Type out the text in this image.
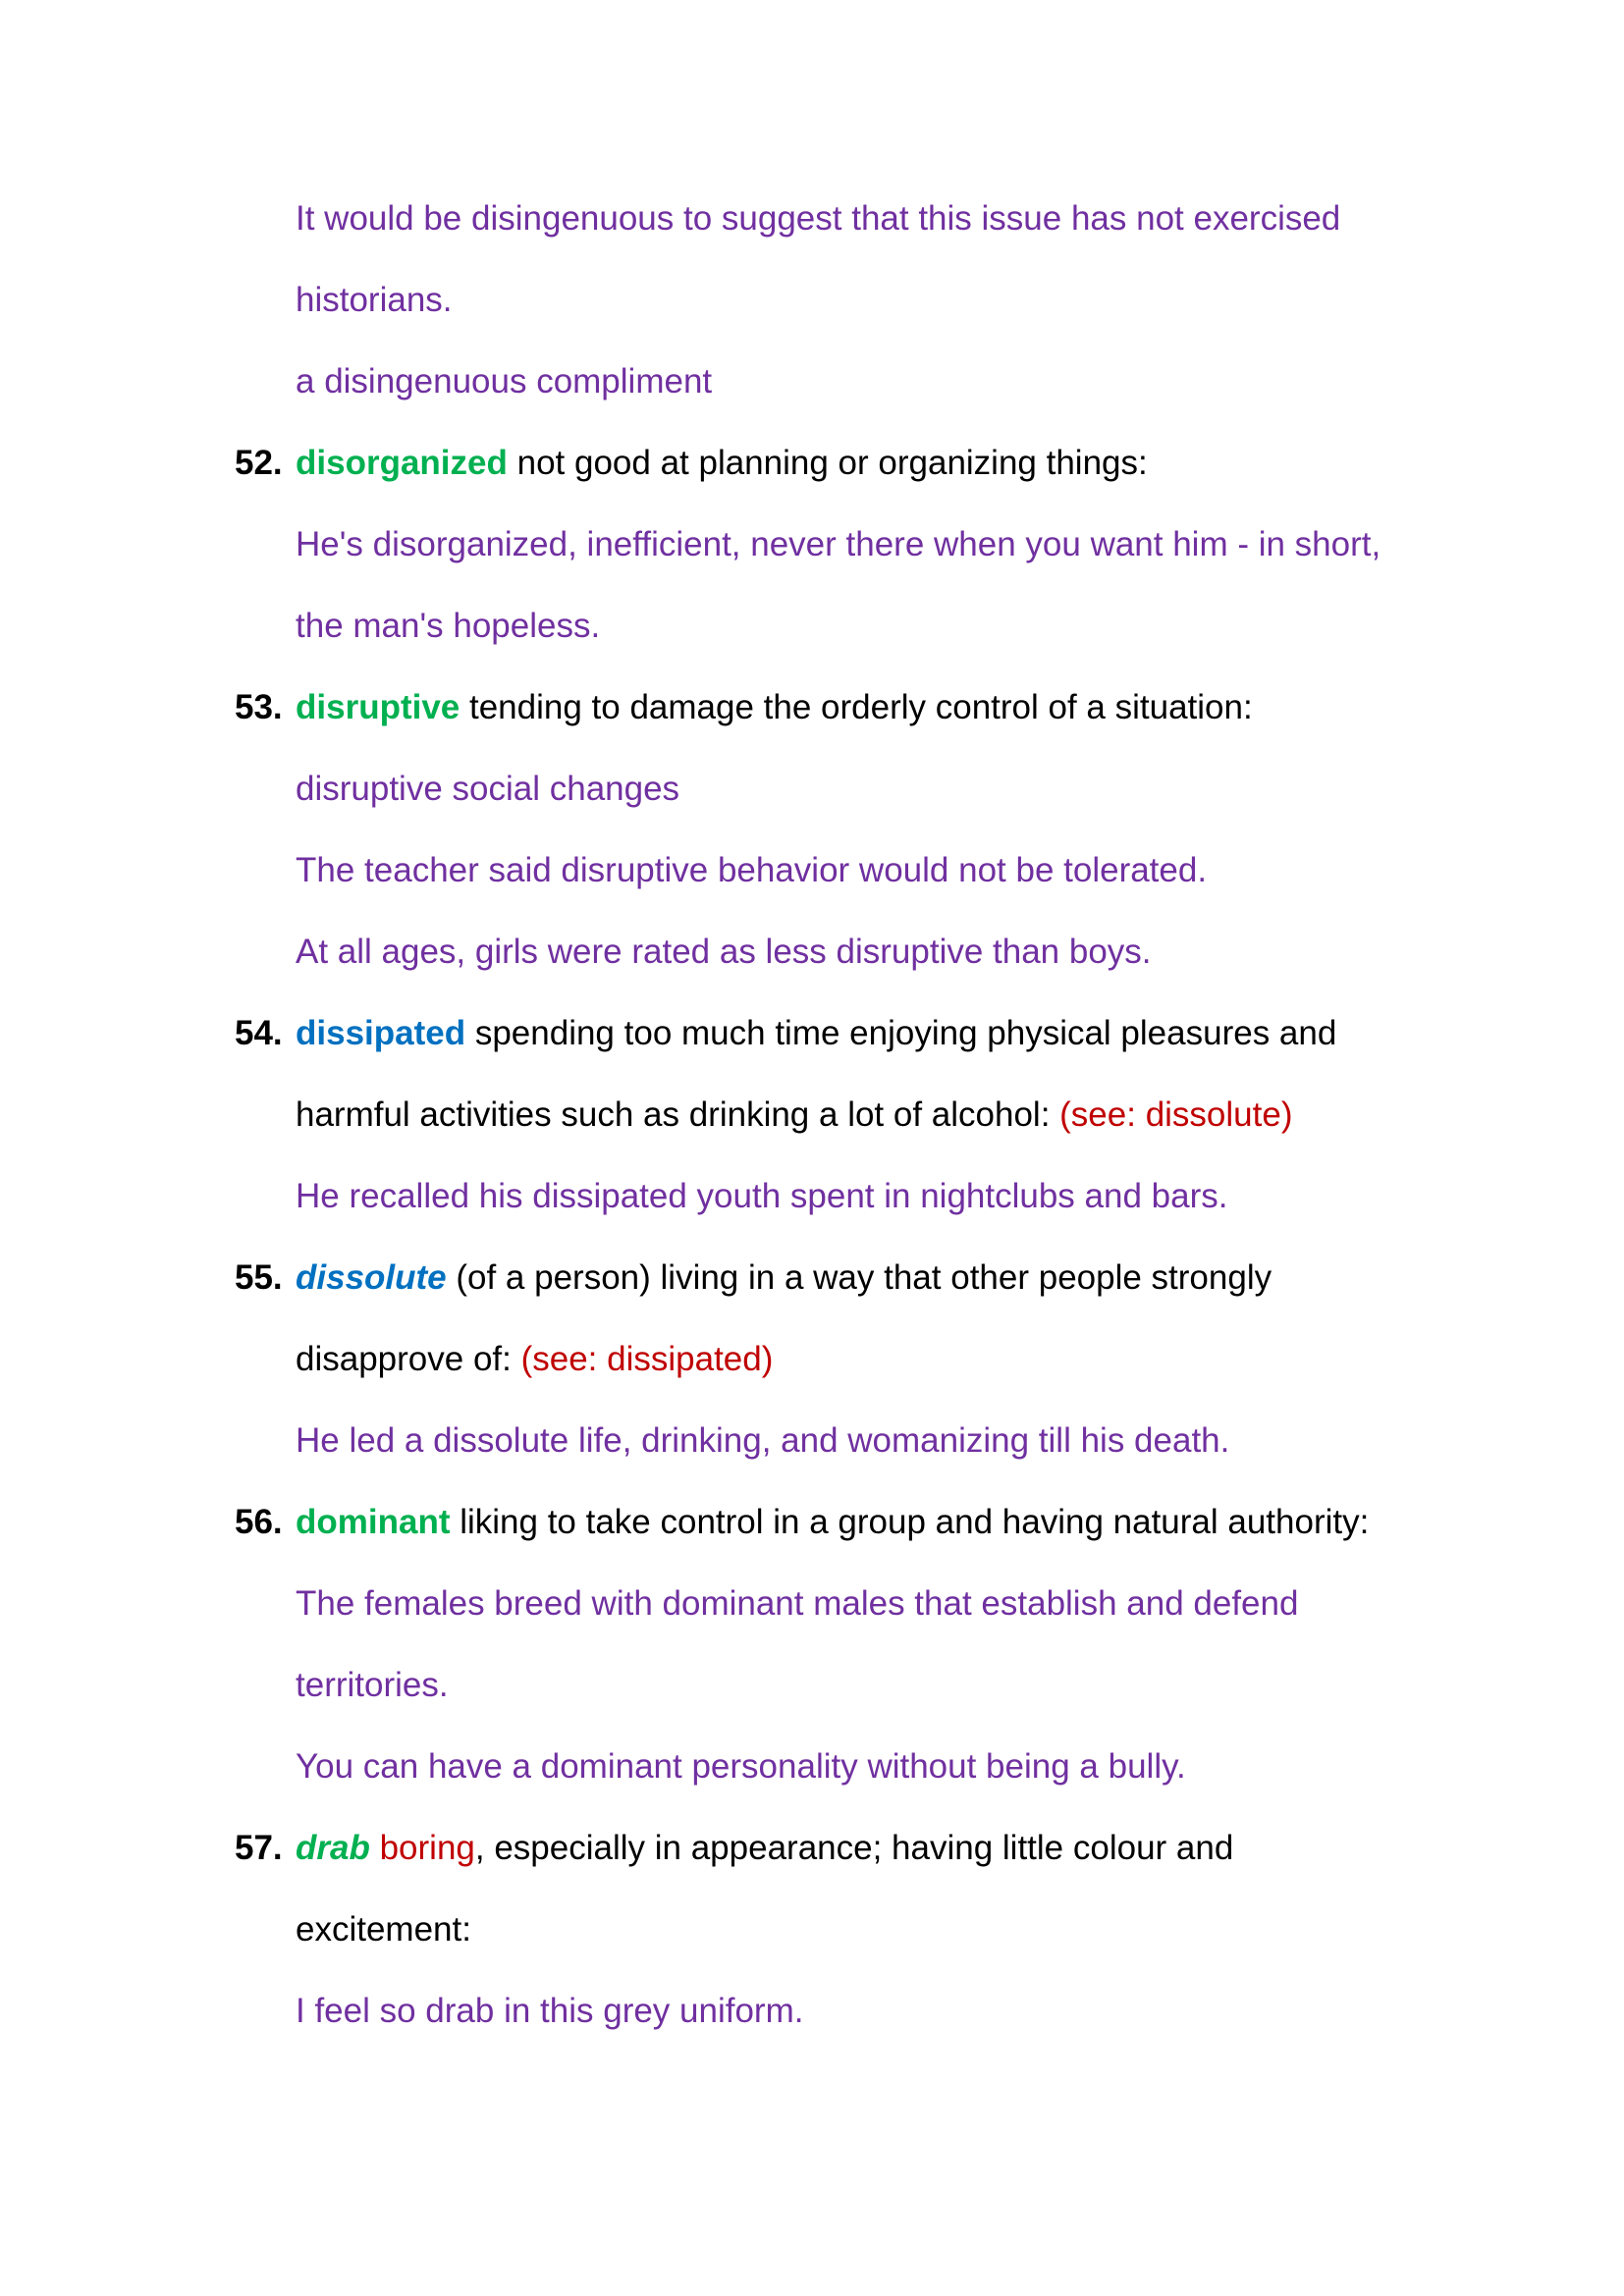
It would be disingenuous to suggest that this issue has not exercised
historians.
a disingenuous compliment
52. disorganized not good at planning or organizing things:
He's disorganized, inefficient, never there when you want him - in short,
the man's hopeless.
53. disruptive tending to damage the orderly control of a situation:
disruptive social changes
The teacher said disruptive behavior would not be tolerated.
At all ages, girls were rated as less disruptive than boys.
54. dissipated spending too much time enjoying physical pleasures and
harmful activities such as drinking a lot of alcohol: (see: dissolute)
He recalled his dissipated youth spent in nightclubs and bars.
55. dissolute (of a person) living in a way that other people strongly
disapprove of: (see: dissipated)
He led a dissolute life, drinking, and womanizing till his death.
56. dominant liking to take control in a group and having natural authority:
The females breed with dominant males that establish and defend
territories.
You can have a dominant personality without being a bully.
57. drab boring, especially in appearance; having little colour and
excitement:
I feel so drab in this grey uniform.
